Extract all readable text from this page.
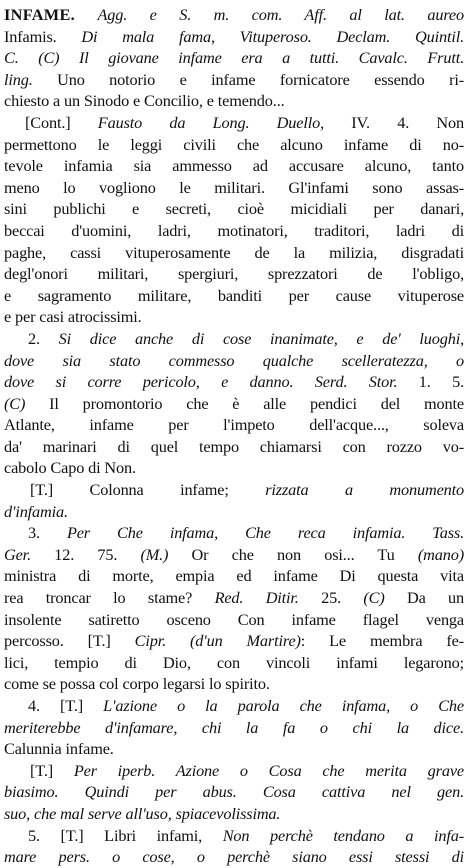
INFAME. Agg. e S. m. com. Aff. al lat. aureo
Infamis. Di mala fama, Vituperoso. Declam. Quintil.
C. (C) Il giovane infame era a tutti. Cavalc. Frutt.
ling. Uno notorio e infame fornicatore essendo ri-
chiesto a un Sinodo e Concilio, e temendo...
[Cont.] Fausto da Long. Duello, IV. 4. Non
permettono le leggi civili che alcuno infame di no-
tevole infamia sia ammesso ad accusare alcuno, tanto
meno lo vogliono le militari. Gl'infami sono assas-
sini publichi e secreti, cioè micidiali per danari,
beccai d'uomini, ladri, motinatori, traditori, ladri di
paghe, cassi vituperosamente de la milizia, disgradati
degl'onori militari, spergiuri, sprezzatori de l'obligo,
e sagramento militare, banditi per cause vituperose
e per casi atrocissimi.
2. Si dice anche di cose inanimate, e de' luoghi,
dove sia stato commesso qualche scelleratezza, o
dove si corre pericolo, e danno. Serd. Stor. 1. 5.
(C) Il promontorio che è alle pendici del monte
Atlante, infame per l'impeto dell'acque..., soleva
da' marinari di quel tempo chiamarsi con rozzo vo-
cabolo Capo di Non.
[T.] Colonna infame; rizzata a monumento
d'infamia.
3. Per Che infama, Che reca infamia. Tass.
Ger. 12. 75. (M.) Or che non osi... Tu (mano)
ministra di morte, empia ed infame Di questa vita
rea troncar lo stame? Red. Ditir. 25. (C) Da un
insolente satiretto osceno Con infame flagel venga
percosso. [T.] Cipr. (d'un Martire): Le membra fe-
lici, tempio di Dio, con vincoli infami legarono;
come se possa col corpo legarsi lo spirito.
4. [T.] L'azione o la parola che infama, o Che
meriterebbe d'infamare, chi la fa o chi la dice.
Calunnia infame.
[T.] Per iperb. Azione o Cosa che merita grave
biasimo. Quindi per abus. Cosa cattiva nel gen.
suo, che mal serve all'uso, spiacevolissima.
5. [T.] Libri infami, Non perchè tendano a infa-
mare pers. o cose, o perchè siano essi stessi di
